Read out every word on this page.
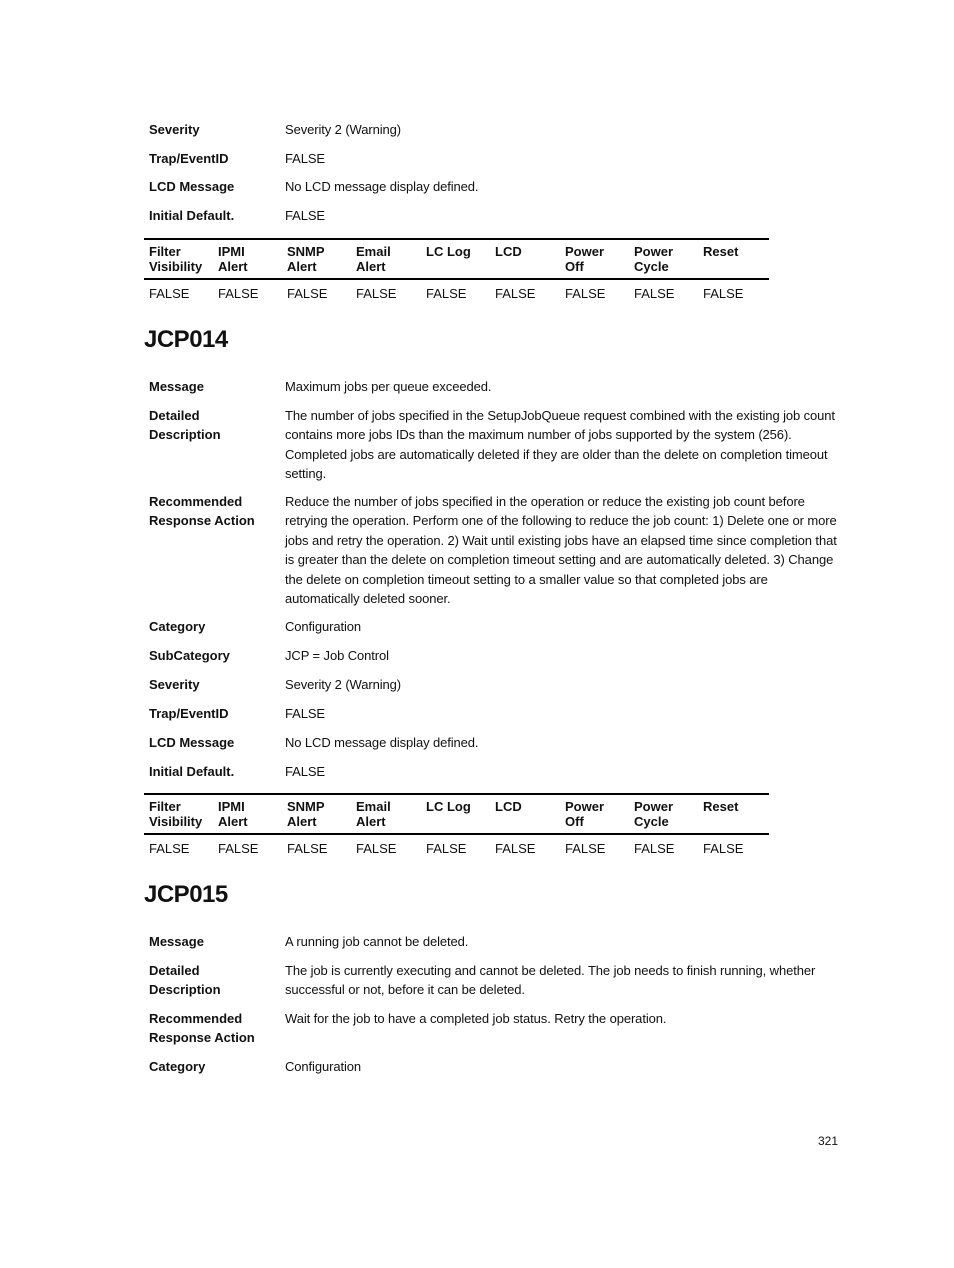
Severity	Severity 2 (Warning)
Trap/EventID	FALSE
LCD Message	No LCD message display defined.
Initial Default.	FALSE
Filter Visibility	IPMI Alert	SNMP Alert	Email Alert	LC Log	LCD	Power Off	Power Cycle	Reset
FALSE	FALSE	FALSE	FALSE	FALSE	FALSE	FALSE	FALSE	FALSE
JCP014
Message	Maximum jobs per queue exceeded.
Detailed Description
The number of jobs specified in the SetupJobQueue request combined with the existing job count contains more jobs IDs than the maximum number of jobs supported by the system (256). Completed jobs are automatically deleted if they are older than the delete on completion timeout setting.
Recommended Response Action
Reduce the number of jobs specified in the operation or reduce the existing job count before retrying the operation. Perform one of the following to reduce the job count: 1) Delete one or more jobs and retry the operation. 2) Wait until existing jobs have an elapsed time since completion that is greater than the delete on completion timeout setting and are automatically deleted. 3) Change the delete on completion timeout setting to a smaller value so that completed jobs are automatically deleted sooner.
Category	Configuration
SubCategory	JCP = Job Control
Severity	Severity 2 (Warning)
Trap/EventID	FALSE
LCD Message	No LCD message display defined.
Initial Default.	FALSE
Filter Visibility	IPMI Alert	SNMP Alert	Email Alert	LC Log	LCD	Power Off	Power Cycle	Reset
FALSE	FALSE	FALSE	FALSE	FALSE	FALSE	FALSE	FALSE	FALSE
JCP015
Message	A running job cannot be deleted.
Detailed Description
The job is currently executing and cannot be deleted. The job needs to finish running, whether successful or not, before it can be deleted.
Recommended Response Action
Wait for the job to have a completed job status. Retry the operation.
Category	Configuration
321
